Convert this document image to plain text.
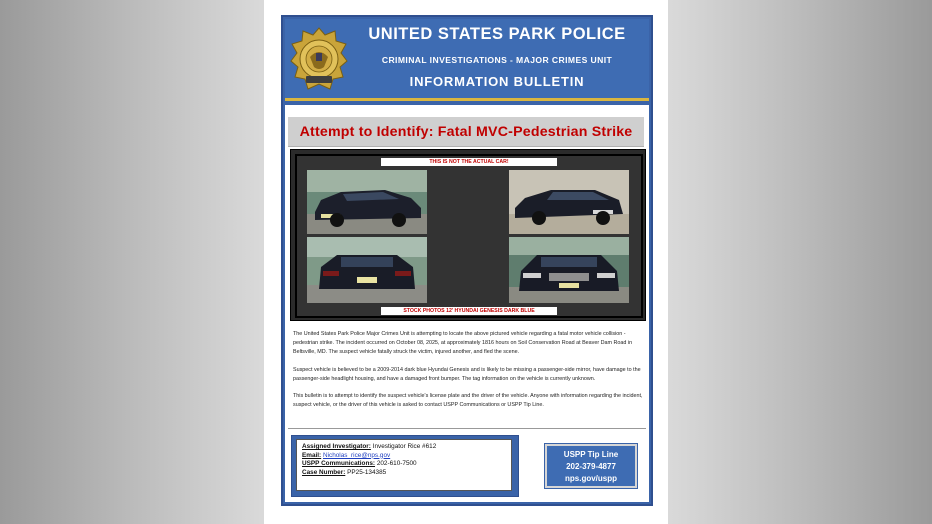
UNITED STATES PARK POLICE
CRIMINAL INVESTIGATIONS - MAJOR CRIMES UNIT
INFORMATION BULLETIN
Attempt to Identify: Fatal MVC-Pedestrian Strike
THIS IS NOT THE ACTUAL CAR!
STOCK PHOTOS 12' HYUNDAI GENESIS DARK BLUE

The United States Park Police Major Crimes Unit is attempting to locate the above pictured vehicle regarding a fatal motor vehicle collision - pedestrian strike. The incident occurred on October 08, 2025, at approximately 1816 hours on Soil Conservation Road at Beaver Dam Road in Beltsville, MD. The suspect vehicle fatally struck the victim, injured another, and fled the scene.

Suspect vehicle is believed to be a 2009-2014 dark blue Hyundai Genesis and is likely to be missing a passenger-side mirror, have damage to the passenger-side headlight housing, and have a damaged front bumper. The tag information on the vehicle is currently unknown.

This bulletin is to attempt to identify the suspect vehicle's license plate and the driver of the vehicle. Anyone with information regarding the incident, suspect vehicle, or the driver of this vehicle is asked to contact USPP Communications or USPP Tip Line.

Assigned Investigator: Investigator Rice #612
Email: Nicholas_rice@nps.gov
USPP Communications: 202-610-7500
Case Number: PP25-134385
USPP Tip Line
202-379-4877
nps.gov/uspp
